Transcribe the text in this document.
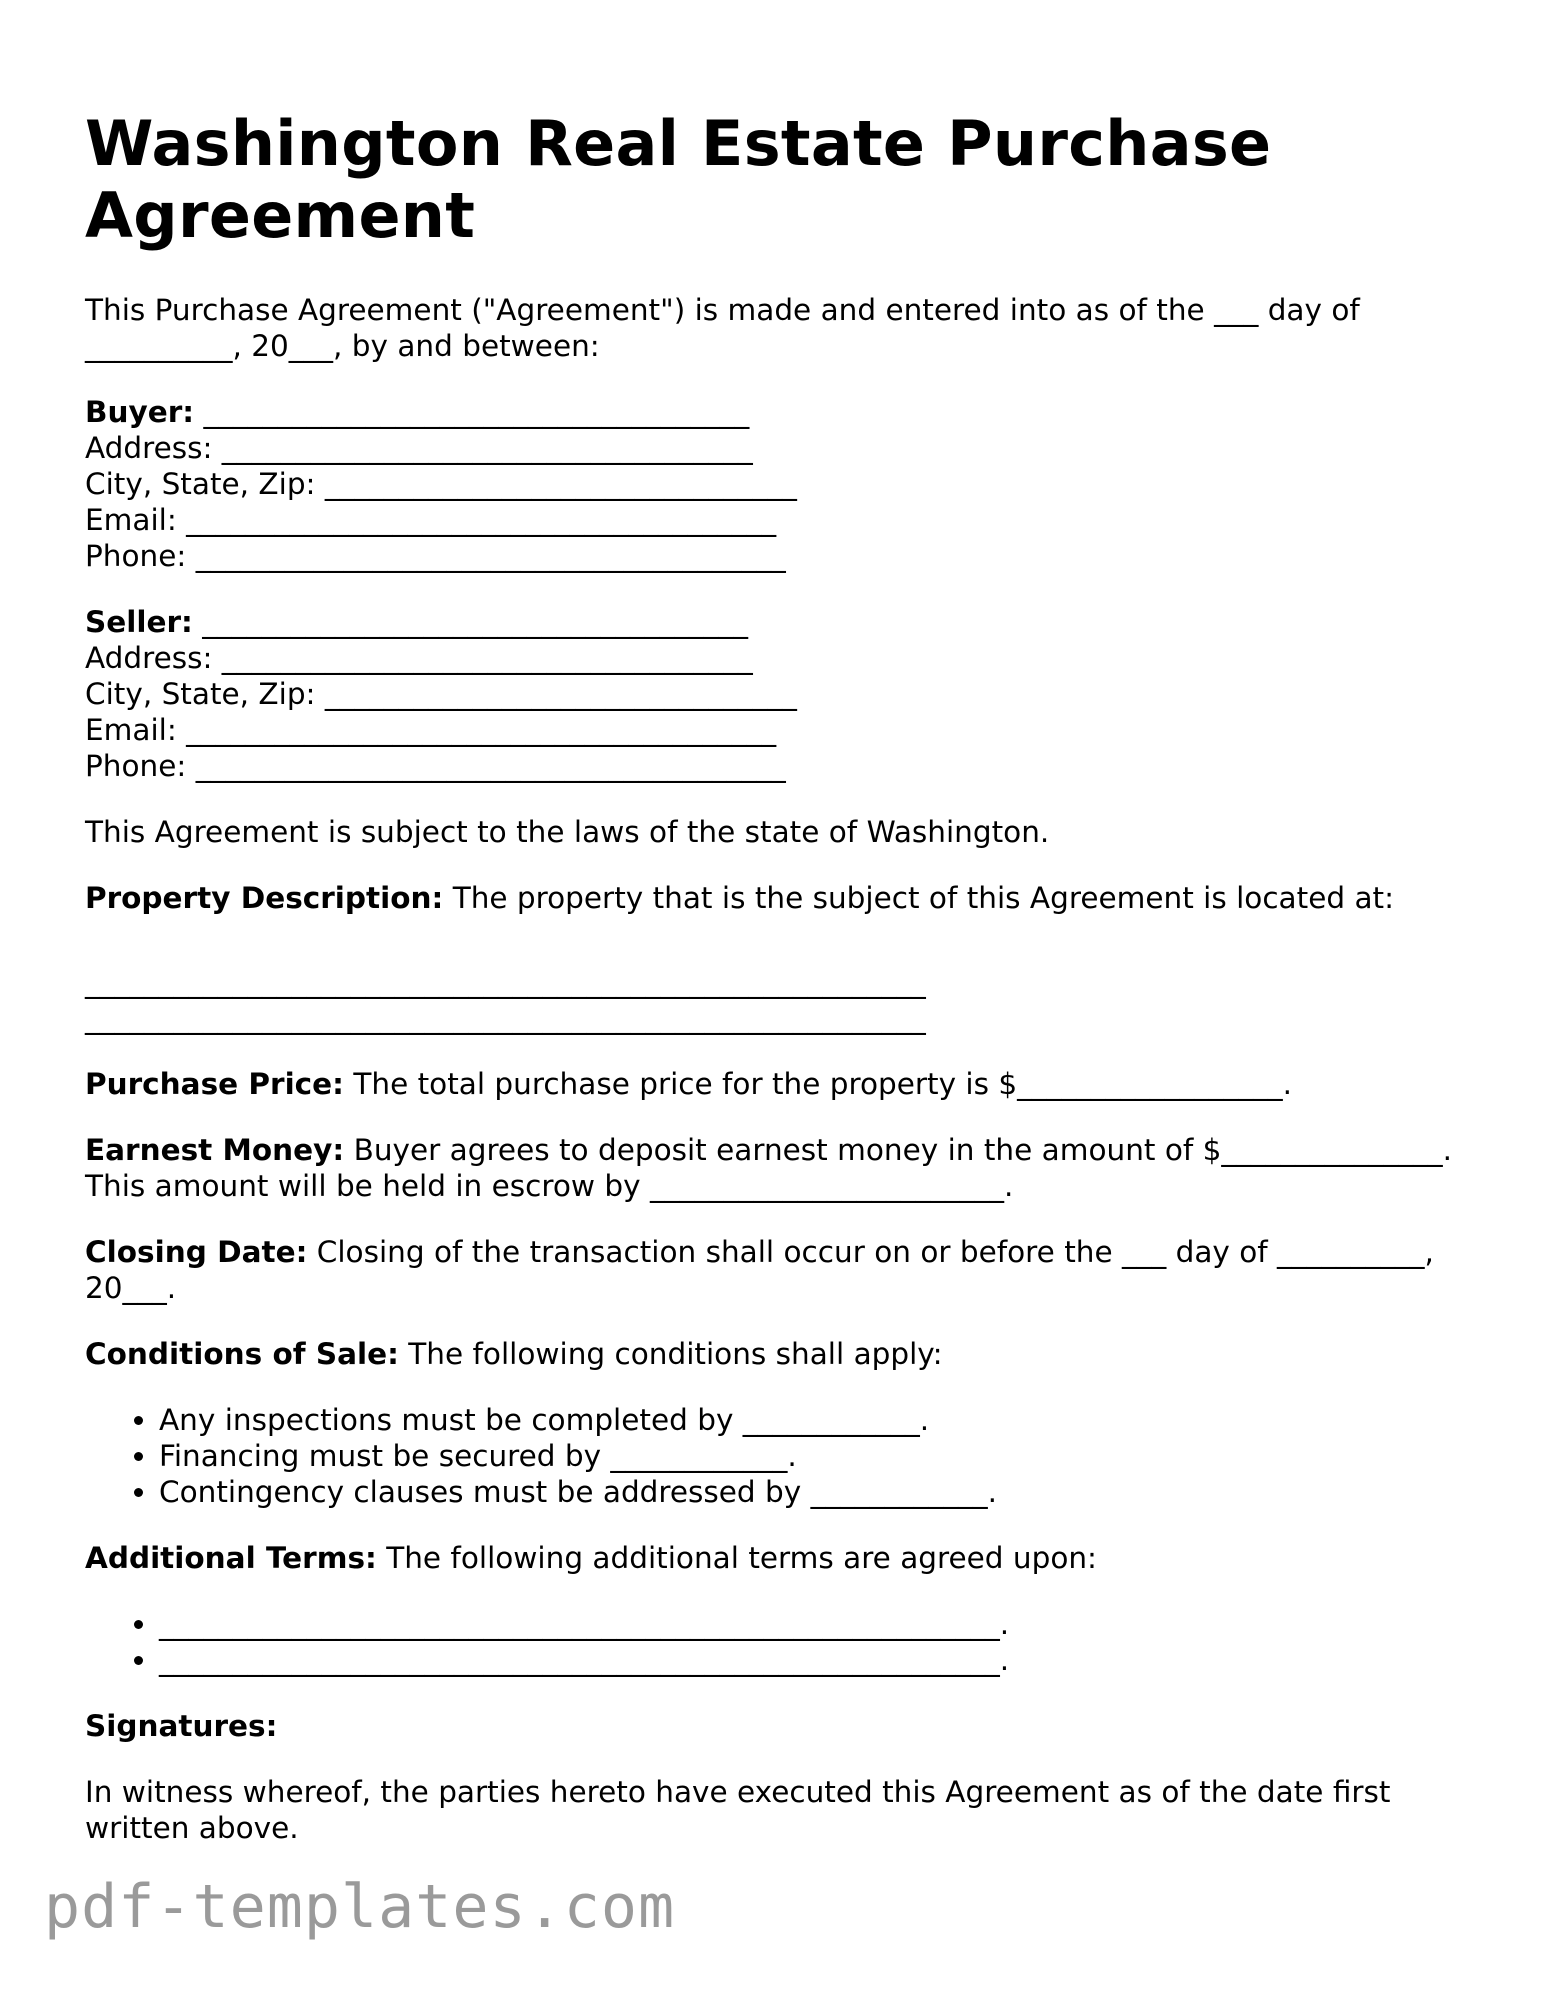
Washington Real Estate Purchase Agreement

This Purchase Agreement ("Agreement") is made and entered into as of the ___ day of __________, 20___, by and between:

Buyer: _____________________________________
Address: ____________________________________
City, State, Zip: ________________________________
Email: ________________________________________
Phone: ________________________________________
Seller: _____________________________________
Address: ____________________________________
City, State, Zip: ________________________________
Email: ________________________________________
Phone: ________________________________________

This Agreement is subject to the laws of the state of Washington.

Property Description: The property that is the subject of this Agreement is located at:

_________________________________________________________
_________________________________________________________

Purchase Price: The total purchase price for the property is $__________________.

Earnest Money: Buyer agrees to deposit earnest money in the amount of $_______________. This amount will be held in escrow by ________________________.

Closing Date: Closing of the transaction shall occur on or before the ___ day of __________, 20___.

Conditions of Sale: The following conditions shall apply:

• Any inspections must be completed by ____________.
• Financing must be secured by ____________.
• Contingency clauses must be addressed by ____________.

Additional Terms: The following additional terms are agreed upon:

• _________________________________________________________.
• _________________________________________________________.

Signatures:

In witness whereof, the parties hereto have executed this Agreement as of the date first written above.

pdf-templates.com
